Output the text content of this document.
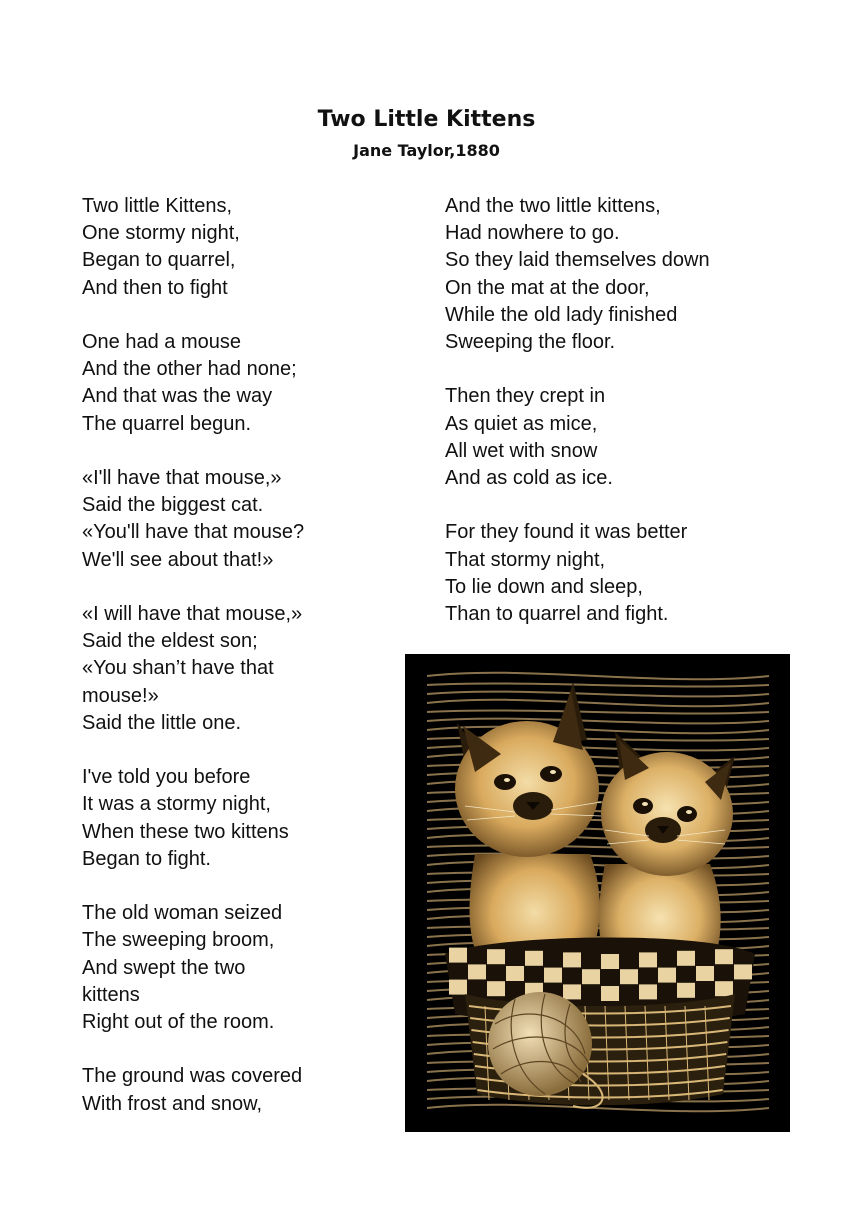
Two Little Kittens
Jane Taylor,1880
Two little Kittens,
One stormy night,
Began to quarrel,
And then to fight
One had a mouse
And the other had none;
And that was the way
The quarrel begun.
«I'll have that mouse,»
Said the biggest cat.
«You'll have that mouse?
We'll see about that!»
«I will have that mouse,»
Said the eldest son;
«You shan’t have that
mouse!»
Said the little one.
I've told you before
It was a stormy night,
When these two kittens
Began to fight.
The old woman seized
The sweeping broom,
And swept the two
kittens
Right out of the room.
The ground was covered
With frost and snow,
And the two little kittens,
Had nowhere to go.
So they laid themselves down
On the mat at the door,
While the old lady finished
Sweeping the floor.
Then they crept in
As quiet as mice,
All wet with snow
And as cold as ice.
For they found it was better
That stormy night,
To lie down and sleep,
Than to quarrel and fight.
